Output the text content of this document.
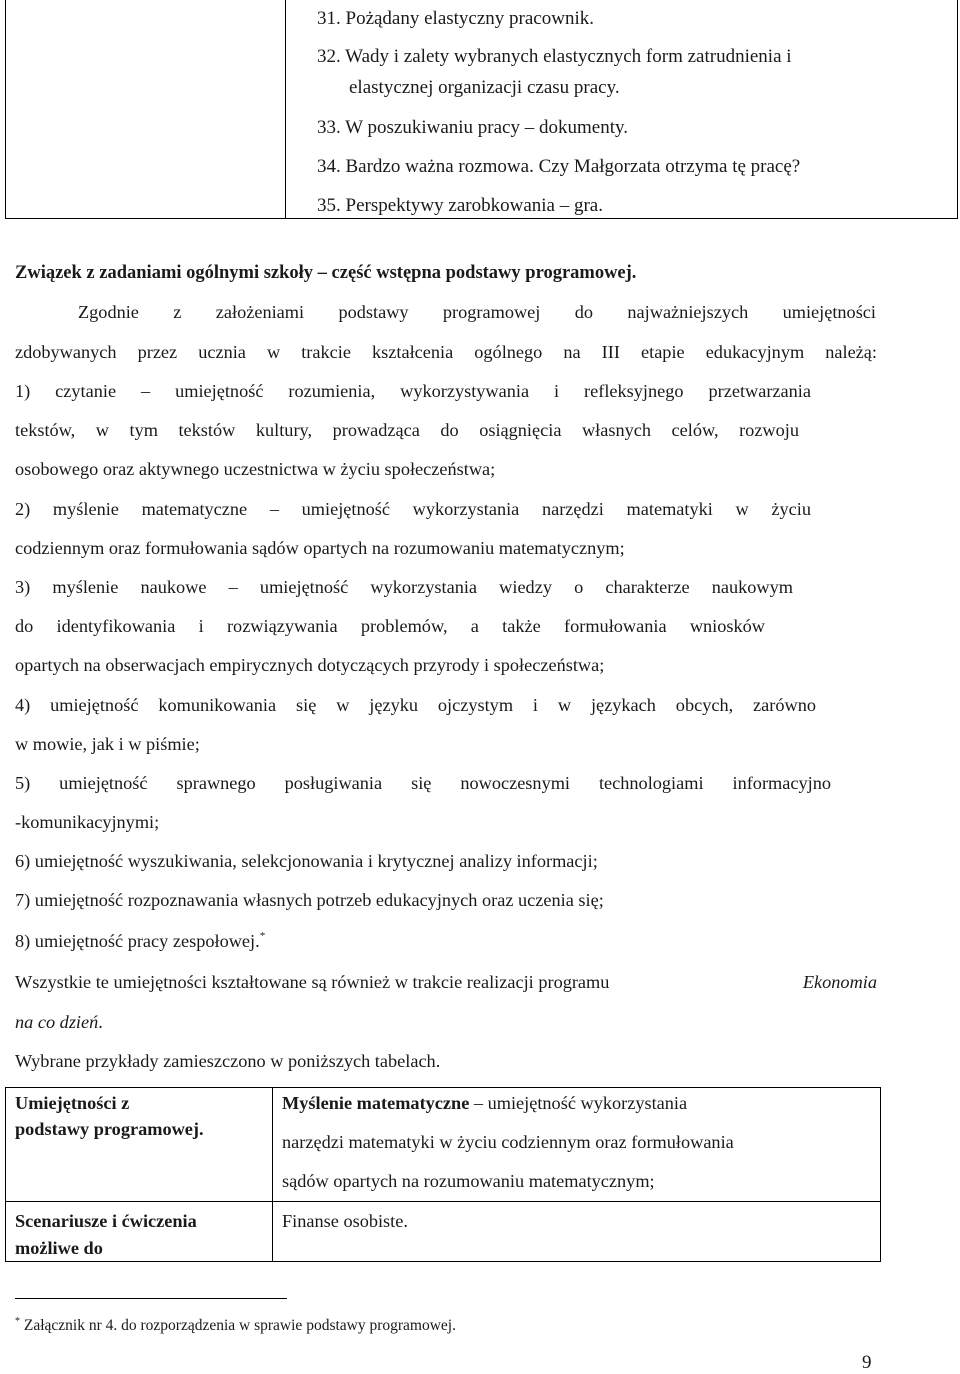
31. Pożądany elastyczny pracownik.
32. Wady i zalety wybranych elastycznych form zatrudnienia i
elastycznej organizacji czasu pracy.
33. W poszukiwaniu pracy – dokumenty.
34. Bardzo ważna rozmowa. Czy Małgorzata otrzyma tę pracę?
35. Perspektywy zarobkowania – gra.
Związek z zadaniami ogólnymi szkoły – część wstępna podstawy programowej.
Zgodnie z założeniami podstawy programowej do najważniejszych umiejętności
zdobywanych przez ucznia w trakcie kształcenia ogólnego na III etapie edukacyjnym należą:
1) czytanie – umiejętność rozumienia, wykorzystywania i refleksyjnego przetwarzania
tekstów, w tym tekstów kultury, prowadząca do osiągnięcia własnych celów, rozwoju
osobowego oraz aktywnego uczestnictwa w życiu społeczeństwa;
2) myślenie matematyczne – umiejętność wykorzystania narzędzi matematyki w życiu
codziennym oraz formułowania sądów opartych na rozumowaniu matematycznym;
3) myślenie naukowe – umiejętność wykorzystania wiedzy o charakterze naukowym
do identyfikowania i rozwiązywania problemów, a także formułowania wniosków
opartych na obserwacjach empirycznych dotyczących przyrody i społeczeństwa;
4) umiejętność komunikowania się w języku ojczystym i w językach obcych, zarówno
w mowie, jak i w piśmie;
5) umiejętność sprawnego posługiwania się nowoczesnymi technologiami informacyjno
-komunikacyjnymi;
6) umiejętność wyszukiwania, selekcjonowania i krytycznej analizy informacji;
7) umiejętność rozpoznawania własnych potrzeb edukacyjnych oraz uczenia się;
8) umiejętność pracy zespołowej.*
Wszystkie te umiejętności kształtowane są również w trakcie realizacji programu	Ekonomia
na co dzień.
Wybrane przykłady zamieszczono w poniższych tabelach.
Umiejętności z
podstawy programowej.
Myślenie matematyczne – umiejętność wykorzystania
narzędzi matematyki w życiu codziennym oraz formułowania
sądów opartych na rozumowaniu matematycznym;
Scenariusze i ćwiczenia
możliwe do
Finanse osobiste.
* Załącznik nr 4. do rozporządzenia w sprawie podstawy programowej.
9
